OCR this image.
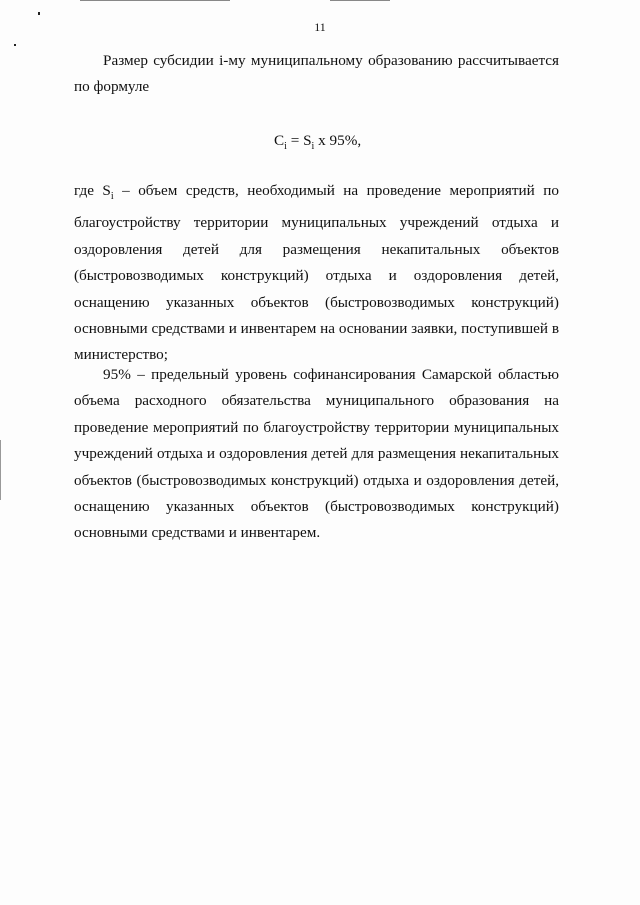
11
Размер субсидии i-му муниципальному образованию рассчитывается по формуле
$C_i = S_i$ х 95%,
где $S_i$ – объем средств, необходимый на проведение мероприятий по благоустройству территории муниципальных учреждений отдыха и оздоровления детей для размещения некапитальных объектов (быстровозводимых конструкций) отдыха и оздоровления детей, оснащению указанных объектов (быстровозводимых конструкций) основными средствами и инвентарем на основании заявки, поступившей в министерство;
95% – предельный уровень софинансирования Самарской областью объема расходного обязательства муниципального образования на проведение мероприятий по благоустройству территории муниципальных учреждений отдыха и оздоровления детей для размещения некапитальных объектов (быстровозводимых конструкций) отдыха и оздоровления детей, оснащению указанных объектов (быстровозводимых конструкций) основными средствами и инвентарем.
